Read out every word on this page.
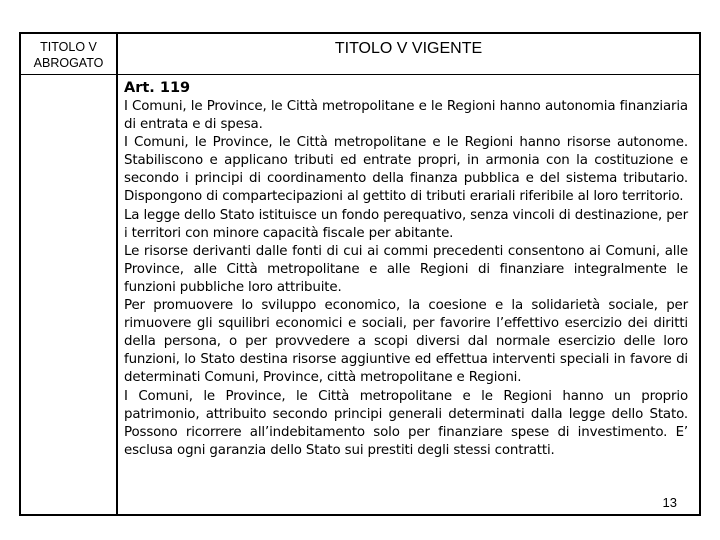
TITOLO V
ABROGATO
TITOLO V VIGENTE

Art. 119

I Comuni, le Province, le Città metropolitane e le Regioni hanno autonomia finanziaria di entrata e di spesa.

I Comuni, le Province, le Città metropolitane e le Regioni hanno risorse autonome. Stabiliscono e applicano tributi ed entrate propri, in armonia con la costituzione e secondo i principi di coordinamento della finanza pubblica e del sistema tributario. Dispongono di compartecipazioni al gettito di tributi erariali riferibile al loro territorio.

La legge dello Stato istituisce un fondo perequativo, senza vincoli di destinazione, per i territori con minore capacità fiscale per abitante.

Le risorse derivanti dalle fonti di cui ai commi precedenti consentono ai Comuni, alle Province, alle Città metropolitane e alle Regioni di finanziare integralmente le funzioni pubbliche loro attribuite.

Per promuovere lo sviluppo economico, la coesione e la solidarietà sociale, per rimuovere gli squilibri economici e sociali, per favorire l’effettivo esercizio dei diritti della persona, o per provvedere a scopi diversi dal normale esercizio delle loro funzioni, lo Stato destina risorse aggiuntive ed effettua interventi speciali in favore di determinati Comuni, Province, città metropolitane e Regioni.

I Comuni, le Province, le Città metropolitane e le Regioni hanno un proprio patrimonio, attribuito secondo principi generali determinati dalla legge dello Stato. Possono ricorrere all’indebitamento solo per finanziare spese di investimento. E’ esclusa ogni garanzia dello Stato sui prestiti degli stessi contratti.

13
